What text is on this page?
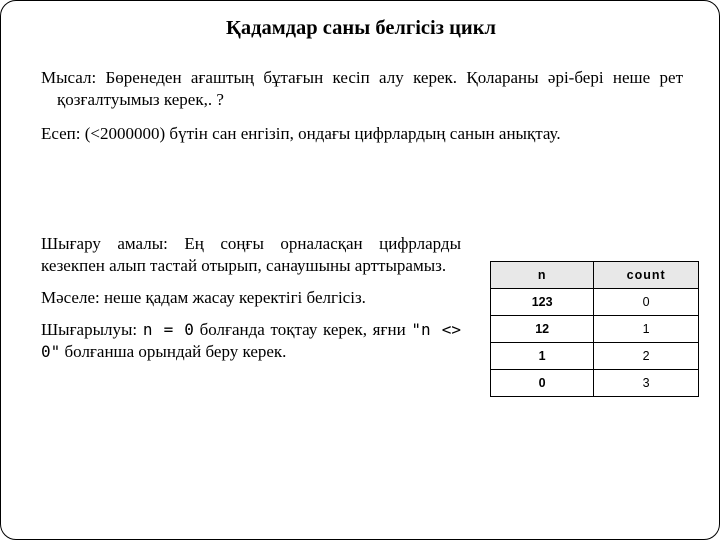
Қадамдар саны белгісіз цикл

Мысал: Бөренеден ағаштың бұтағын кесіп алу керек. Қолараны әрі-бері неше рет қозғалтуымыз керек,. ?

Есеп: (<2000000) бүтін сан енгізіп, ондағы цифрлардың санын анықтау.

Шығару амалы: Ең соңғы орналасқан цифрларды кезекпен алып тастай отырып, санаушыны арттырамыз.

Мәселе: неше қадам жасау керектігі белгісіз.

Шығарылуы: n = 0 болғанда тоқтау керек, яғни "n <> 0" болғанша орындай беру керек.

n	count
123	0
12	1
1	2
0	3
